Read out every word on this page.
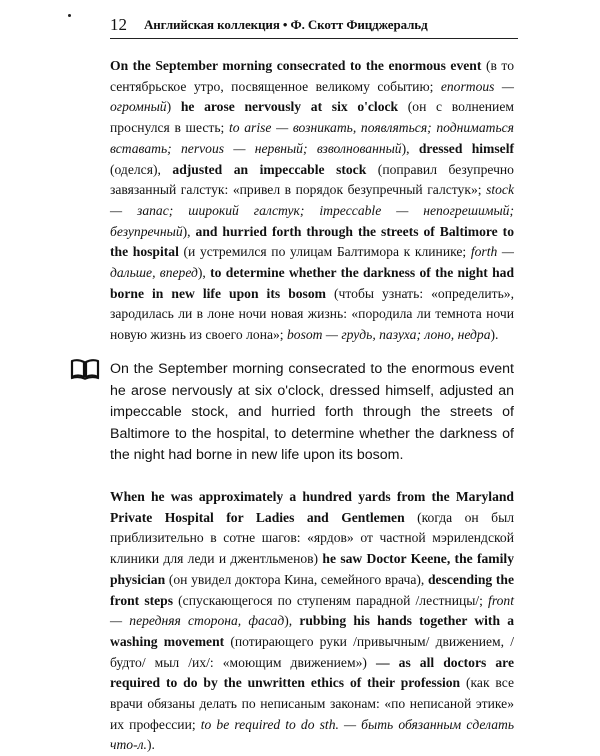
12 Английская коллекция • Ф. Скотт Фицджеральд
On the September morning consecrated to the enormous event (в то сентябрьское утро, посвященное великому событию; enormous — огромный) he arose nervously at six o'clock (он с волнением проснулся в шесть; to arise — возникать, появляться; подниматься вставать; nervous — нервный; взволнованный), dressed himself (оделся), adjusted an impeccable stock (поправил безупречно завязанный галстук: «привел в порядок безупречный галстук»; stock — запас; широкий галстук; impeccable — непогрешимый; безупречный), and hurried forth through the streets of Baltimore to the hospital (и устремился по улицам Балтимора к клинике; forth — дальше, вперед), to determine whether the darkness of the night had borne in new life upon its bosom (чтобы узнать: «определить», зародилась ли в лоне ночи новая жизнь: «породила ли темнота ночи новую жизнь из своего лона»; bosom — грудь, пазуха; лоно, недра).
On the September morning consecrated to the enormous event he arose nervously at six o'clock, dressed himself, adjusted an impeccable stock, and hurried forth through the streets of Baltimore to the hospital, to determine whether the darkness of the night had borne in new life upon its bosom.
When he was approximately a hundred yards from the Maryland Private Hospital for Ladies and Gentlemen (когда он был приблизительно в сотне шагов: «ярдов» от частной мэрилендской клиники для леди и джентльменов) he saw Doctor Keene, the family physician (он увидел доктора Кина, семейного врача), descending the front steps (спускающегося по ступеням парадной /лестницы/; front — передняя сторона, фасад), rubbing his hands together with a washing movement (потирающего руки /привычным/ движением, /будто/ мыл /их/: «моющим движением») — as all doctors are required to do by the unwritten ethics of their profession (как все врачи обязаны делать по неписаным законам: «по неписаной этике» их профессии; to be required to do sth. — быть обязанным сделать что-л.).
